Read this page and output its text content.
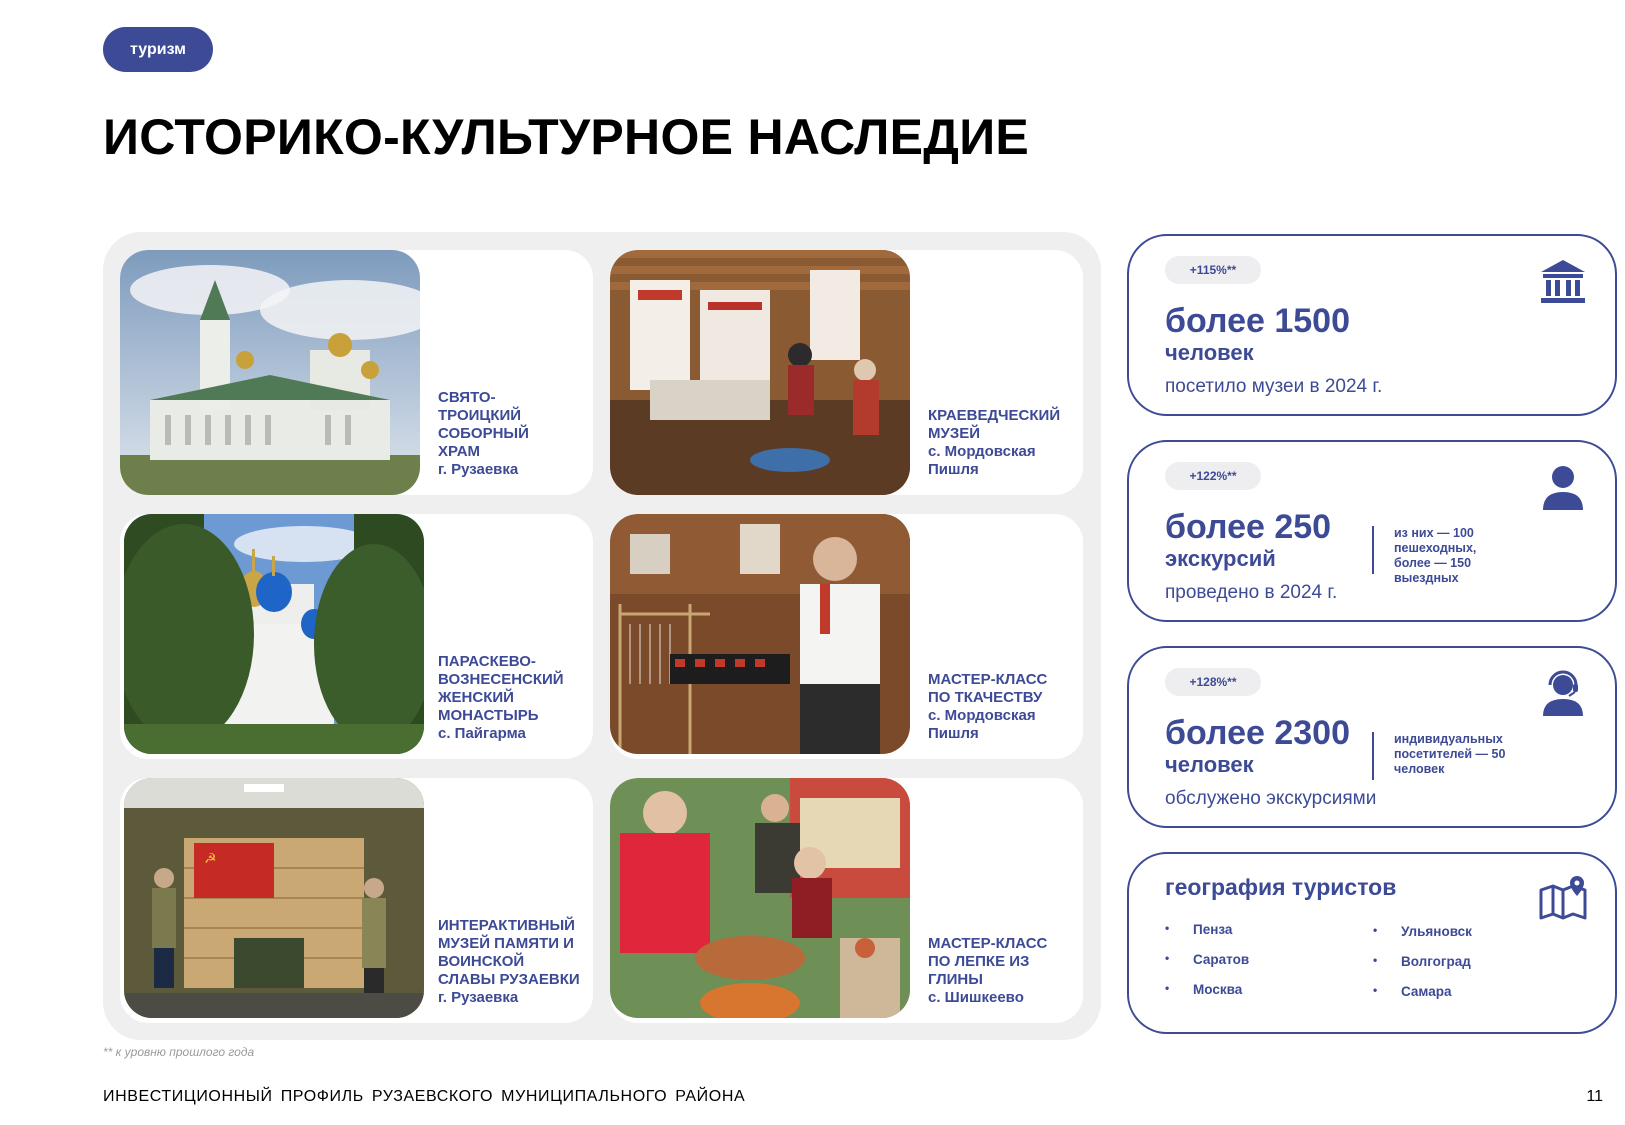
туризм
ИСТОРИКО-КУЛЬТУРНОЕ НАСЛЕДИЕ
СВЯТО-
ТРОИЦКИЙ
СОБОРНЫЙ
ХРАМ
г. Рузаевка
КРАЕВЕДЧЕСКИЙ
МУЗЕЙ
с. Мордовская
Пишля
ПАРАСКЕВО-
ВОЗНЕСЕНСКИЙ
ЖЕНСКИЙ
МОНАСТЫРЬ
с. Пайгарма
МАСТЕР-КЛАСС
ПО ТКАЧЕСТВУ
с. Мордовская
Пишля
☭
ИНТЕРАКТИВНЫЙ
МУЗЕЙ ПАМЯТИ И
ВОИНСКОЙ
СЛАВЫ РУЗАЕВКИ
г. Рузаевка
МАСТЕР-КЛАСС
ПО ЛЕПКЕ ИЗ
ГЛИНЫ
с. Шишкеево
+115%**
более 1500
человек
посетило музеи в 2024 г.
+122%**
более 250
экскурсий
проведено в 2024 г.
из них — 100
пешеходных,
более — 150
выездных
+128%**
более 2300
человек
обслужено экскурсиями
индивидуальных
посетителей — 50
человек
география туристов
• Пенза
• Саратов
• Москва
• Ульяновск
• Волгоград
• Самара
** к уровню прошлого года
ИНВЕСТИЦИОННЫЙ ПРОФИЛЬ РУЗАЕВСКОГО МУНИЦИПАЛЬНОГО РАЙОНА	11
